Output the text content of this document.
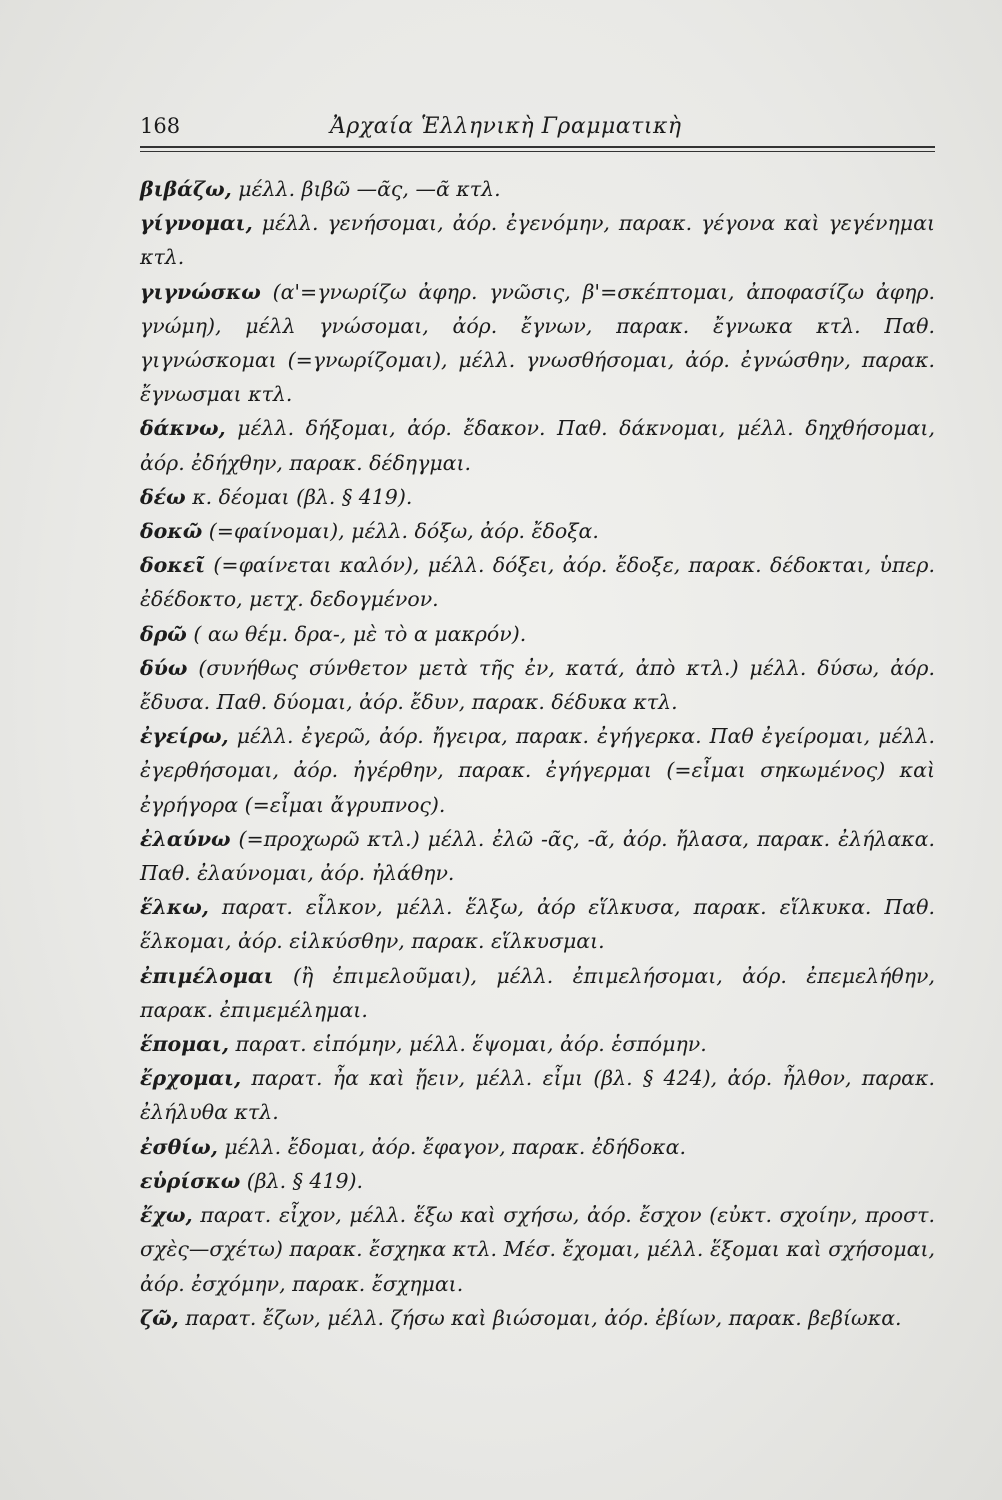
168	Ἀρχαία Ἑλληνικὴ Γραμματικὴ

βιβάζω, μέλλ. βιβῶ —ᾶς, —ᾶ κτλ.

γίγνομαι, μέλλ. γενήσομαι, ἀόρ. ἐγενόμην, παρακ. γέγονα καὶ γεγένημαι κτλ.

γιγνώσκω (α'=γνωρίζω ἀφηρ. γνῶσις, β'=σκέπτομαι, ἀποφασίζω ἀφηρ. γνώμη), μέλλ γνώσομαι, ἀόρ. ἔγνων, παρακ. ἔγνωκα κτλ. Παθ. γιγνώσκομαι (=γνωρίζομαι), μέλλ. γνωσθήσομαι, ἀόρ. ἐγνώσθην, παρακ. ἔγνωσμαι κτλ.

δάκνω, μέλλ. δήξομαι, ἀόρ. ἔδακον. Παθ. δάκνομαι, μέλλ. δηχθήσομαι, ἀόρ. ἐδήχθην, παρακ. δέδηγμαι.

δέω κ. δέομαι (βλ. § 419).

δοκῶ (=φαίνομαι), μέλλ. δόξω, ἀόρ. ἔδοξα.

δοκεῖ (=φαίνεται καλόν), μέλλ. δόξει, ἀόρ. ἔδοξε, παρακ. δέδοκται, ὑπερ. ἐδέδοκτο, μετχ. δεδογμένον.

δρῶ ( αω θέμ. δρα-, μὲ τὸ α μακρόν).

δύω (συνήθως σύνθετον μετὰ τῆς ἐν, κατά, ἀπὸ κτλ.) μέλλ. δύσω, ἀόρ. ἔδυσα. Παθ. δύομαι, ἀόρ. ἔδυν, παρακ. δέδυκα κτλ.

ἐγείρω, μέλλ. ἐγερῶ, ἀόρ. ἤγειρα, παρακ. ἐγήγερκα. Παθ ἐγείρομαι, μέλλ. ἐγερθήσομαι, ἀόρ. ἠγέρθην, παρακ. ἐγήγερμαι (=εἶμαι σηκωμένος) καὶ ἐγρήγορα (=εἶμαι ἄγρυπνος).

ἐλαύνω (=προχωρῶ κτλ.) μέλλ. ἐλῶ -ᾶς, -ᾶ, ἀόρ. ἤλασα, παρακ. ἐλήλακα. Παθ. ἐλαύνομαι, ἀόρ. ἠλάθην.

ἕλκω, παρατ. εἷλκον, μέλλ. ἕλξω, ἀόρ εἵλκυσα, παρακ. εἵλκυκα. Παθ. ἕλκομαι, ἀόρ. εἱλκύσθην, παρακ. εἵλκυσμαι.

ἐπιμέλομαι (ἢ ἐπιμελοῦμαι), μέλλ. ἐπιμελήσομαι, ἀόρ. ἐπεμελήθην, παρακ. ἐπιμεμέλημαι.

ἕπομαι, παρατ. εἱπόμην, μέλλ. ἕψομαι, ἀόρ. ἑσπόμην.

ἔρχομαι, παρατ. ἦα καὶ ᾔειν, μέλλ. εἶμι (βλ. § 424), ἀόρ. ἦλθον, παρακ. ἐλήλυθα κτλ.

ἐσθίω, μέλλ. ἔδομαι, ἀόρ. ἔφαγον, παρακ. ἐδήδοκα.

εὑρίσκω (βλ. § 419).

ἔχω, παρατ. εἶχον, μέλλ. ἕξω καὶ σχήσω, ἀόρ. ἔσχον (εὐκτ. σχοίην, προστ. σχὲς—σχέτω) παρακ. ἔσχηκα κτλ. Μέσ. ἔχομαι, μέλλ. ἕξομαι καὶ σχήσομαι, ἀόρ. ἐσχόμην, παρακ. ἔσχημαι.

ζῶ, παρατ. ἔζων, μέλλ. ζήσω καὶ βιώσομαι, ἀόρ. ἐβίων, παρακ. βεβίωκα.
